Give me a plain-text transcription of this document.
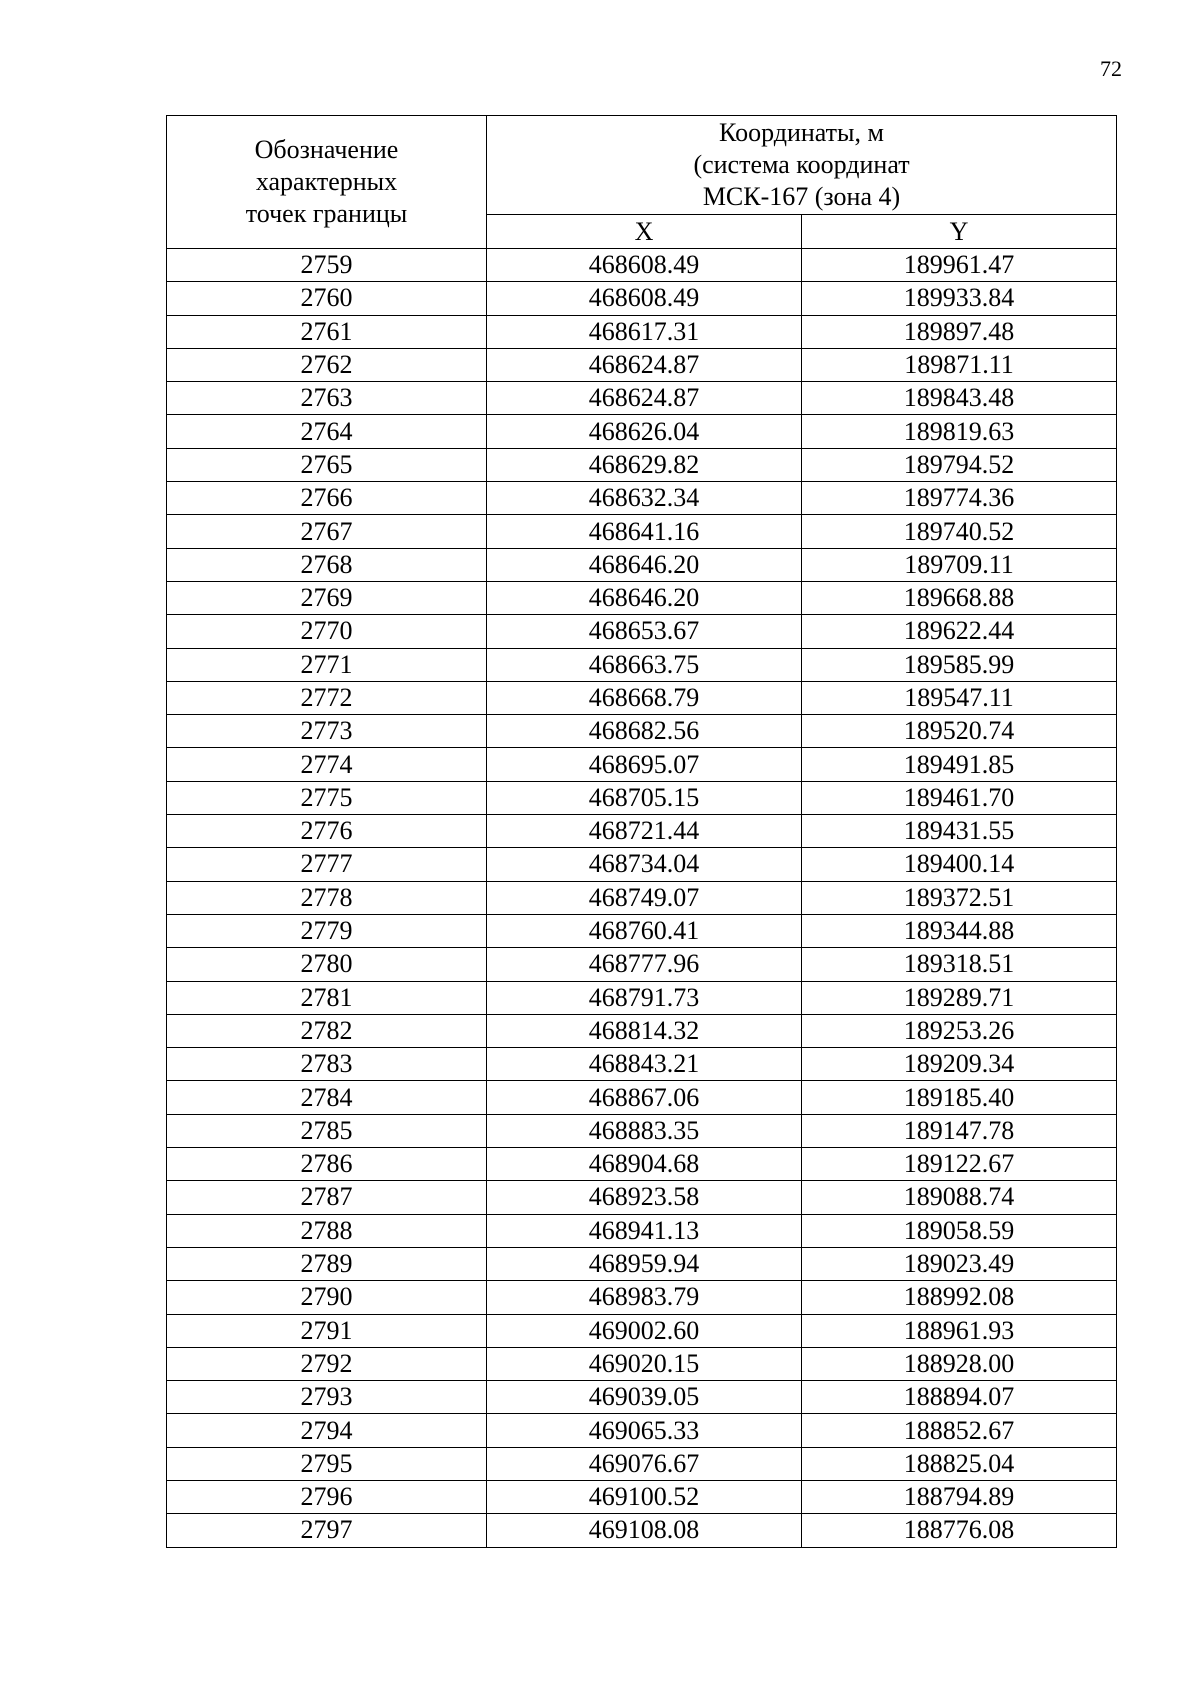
72
Обозначение
характерных
точек границы	Координаты, м
(система координат
МСК-167 (зона 4)	

	X	Y
2759	468608.49	189961.47
2760	468608.49	189933.84
2761	468617.31	189897.48
2762	468624.87	189871.11
2763	468624.87	189843.48
2764	468626.04	189819.63
2765	468629.82	189794.52
2766	468632.34	189774.36
2767	468641.16	189740.52
2768	468646.20	189709.11
2769	468646.20	189668.88
2770	468653.67	189622.44
2771	468663.75	189585.99
2772	468668.79	189547.11
2773	468682.56	189520.74
2774	468695.07	189491.85
2775	468705.15	189461.70
2776	468721.44	189431.55
2777	468734.04	189400.14
2778	468749.07	189372.51
2779	468760.41	189344.88
2780	468777.96	189318.51
2781	468791.73	189289.71
2782	468814.32	189253.26
2783	468843.21	189209.34
2784	468867.06	189185.40
2785	468883.35	189147.78
2786	468904.68	189122.67
2787	468923.58	189088.74
2788	468941.13	189058.59
2789	468959.94	189023.49
2790	468983.79	188992.08
2791	469002.60	188961.93
2792	469020.15	188928.00
2793	469039.05	188894.07
2794	469065.33	188852.67
2795	469076.67	188825.04
2796	469100.52	188794.89
2797	469108.08	188776.08
